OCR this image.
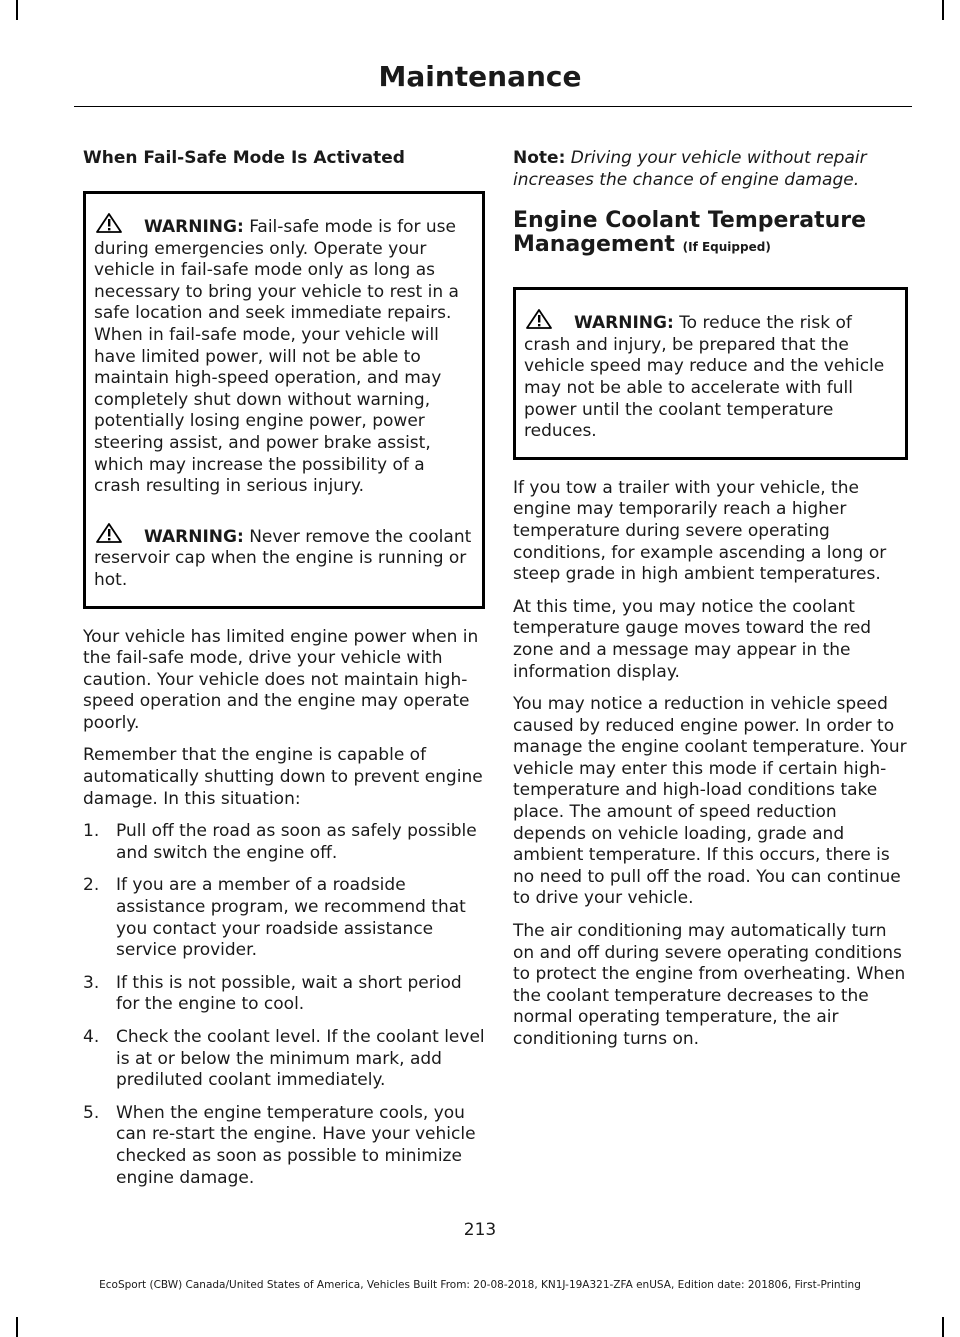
Maintenance
When Fail-Safe Mode Is Activated

WARNING: Fail-safe mode is for use during emergencies only. Operate your vehicle in fail-safe mode only as long as necessary to bring your vehicle to rest in a safe location and seek immediate repairs. When in fail-safe mode, your vehicle will have limited power, will not be able to maintain high-speed operation, and may completely shut down without warning, potentially losing engine power, power steering assist, and power brake assist, which may increase the possibility of a crash resulting in serious injury.

WARNING: Never remove the coolant reservoir cap when the engine is running or hot.

Your vehicle has limited engine power when in the fail-safe mode, drive your vehicle with caution. Your vehicle does not maintain high-speed operation and the engine may operate poorly.

Remember that the engine is capable of automatically shutting down to prevent engine damage. In this situation:

1. Pull off the road as soon as safely possible and switch the engine off.
2. If you are a member of a roadside assistance program, we recommend that you contact your roadside assistance service provider.
3. If this is not possible, wait a short period for the engine to cool.
4. Check the coolant level. If the coolant level is at or below the minimum mark, add prediluted coolant immediately.
5. When the engine temperature cools, you can re-start the engine. Have your vehicle checked as soon as possible to minimize engine damage.

Note: Driving your vehicle without repair increases the chance of engine damage.

Engine Coolant Temperature Management (If Equipped)

WARNING: To reduce the risk of crash and injury, be prepared that the vehicle speed may reduce and the vehicle may not be able to accelerate with full power until the coolant temperature reduces.

If you tow a trailer with your vehicle, the engine may temporarily reach a higher temperature during severe operating conditions, for example ascending a long or steep grade in high ambient temperatures.

At this time, you may notice the coolant temperature gauge moves toward the red zone and a message may appear in the information display.

You may notice a reduction in vehicle speed caused by reduced engine power. In order to manage the engine coolant temperature. Your vehicle may enter this mode if certain high-temperature and high-load conditions take place. The amount of speed reduction depends on vehicle loading, grade and ambient temperature. If this occurs, there is no need to pull off the road. You can continue to drive your vehicle.

The air conditioning may automatically turn on and off during severe operating conditions to protect the engine from overheating. When the coolant temperature decreases to the normal operating temperature, the air conditioning turns on.

213
EcoSport (CBW) Canada/United States of America, Vehicles Built From: 20-08-2018, KN1J-19A321-ZFA enUSA, Edition date: 201806, First-Printing
